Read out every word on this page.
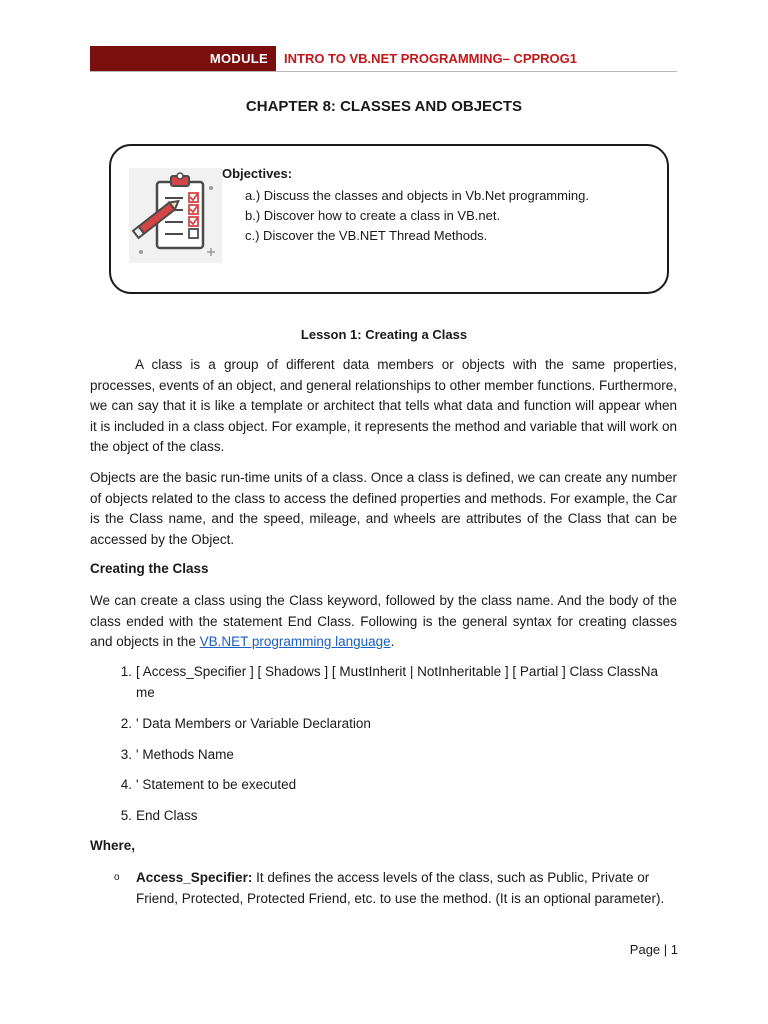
MODULE	INTRO TO VB.NET PROGRAMMING– CPPROG1
CHAPTER 8: CLASSES AND OBJECTS
Objectives:
a.) Discuss the classes and objects in Vb.Net programming.
b.) Discover how to create a class in VB.net.
c.) Discover the VB.NET Thread Methods.
Lesson 1: Creating a Class
A class is a group of different data members or objects with the same properties, processes, events of an object, and general relationships to other member functions. Furthermore, we can say that it is like a template or architect that tells what data and function will appear when it is included in a class object. For example, it represents the method and variable that will work on the object of the class.
Objects are the basic run-time units of a class. Once a class is defined, we can create any number of objects related to the class to access the defined properties and methods. For example, the Car is the Class name, and the speed, mileage, and wheels are attributes of the Class that can be accessed by the Object.
Creating the Class
We can create a class using the Class keyword, followed by the class name. And the body of the class ended with the statement End Class. Following is the general syntax for creating classes and objects in the VB.NET programming language.
1. [ Access_Specifier ] [ Shadows ] [ MustInherit | NotInheritable ] [ Partial ] Class ClassNa
me
2. ' Data Members or Variable Declaration
3. ' Methods Name
4. ' Statement to be executed
5. End Class
Where,
o Access_Specifier: It defines the access levels of the class, such as Public, Private or Friend, Protected, Protected Friend, etc. to use the method. (It is an optional parameter).
Page | 1
